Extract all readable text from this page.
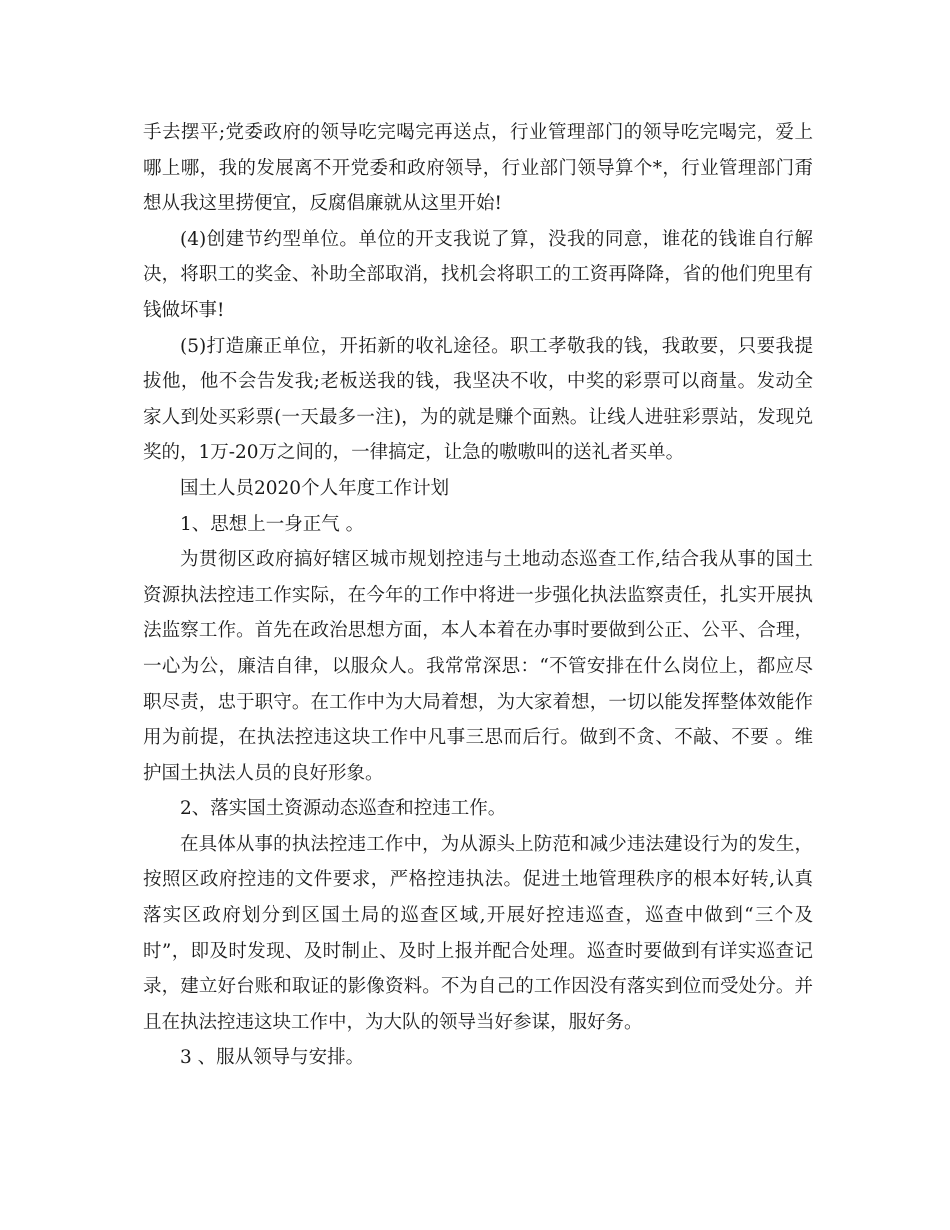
手去摆平;党委政府的领导吃完喝完再送点，行业管理部门的领导吃完喝完，爱上哪上哪，我的发展离不开党委和政府领导，行业部门领导算个*，行业管理部门甭想从我这里捞便宜，反腐倡廉就从这里开始!

(4)创建节约型单位。单位的开支我说了算，没我的同意，谁花的钱谁自行解决，将职工的奖金、补助全部取消，找机会将职工的工资再降降，省的他们兜里有钱做坏事!

(5)打造廉正单位，开拓新的收礼途径。职工孝敬我的钱，我敢要，只要我提拔他，他不会告发我;老板送我的钱，我坚决不收，中奖的彩票可以商量。发动全家人到处买彩票(一天最多一注)，为的就是赚个面熟。让线人进驻彩票站，发现兑奖的，1万-20万之间的，一律搞定，让急的嗷嗷叫的送礼者买单。

国土人员2020个人年度工作计划

1、思想上一身正气 。

为贯彻区政府搞好辖区城市规划控违与土地动态巡查工作,结合我从事的国土资源执法控违工作实际，在今年的工作中将进一步强化执法监察责任，扎实开展执法监察工作。首先在政治思想方面，本人本着在办事时要做到公正、公平、合理，一心为公，廉洁自律，以服众人。我常常深思：“不管安排在什么岗位上，都应尽职尽责，忠于职守。在工作中为大局着想，为大家着想，一切以能发挥整体效能作用为前提，在执法控违这块工作中凡事三思而后行。做到不贪、不敲、不要 。维护国土执法人员的良好形象。

2、落实国土资源动态巡查和控违工作。

在具体从事的执法控违工作中，为从源头上防范和减少违法建设行为的发生，按照区政府控违的文件要求，严格控违执法。促进土地管理秩序的根本好转,认真落实区政府划分到区国土局的巡查区域,开展好控违巡查，巡查中做到“三个及时”，即及时发现、及时制止、及时上报并配合处理。巡查时要做到有详实巡查记录，建立好台账和取证的影像资料。不为自己的工作因没有落实到位而受处分。并且在执法控违这块工作中，为大队的领导当好参谋，服好务。

3 、服从领导与安排。
